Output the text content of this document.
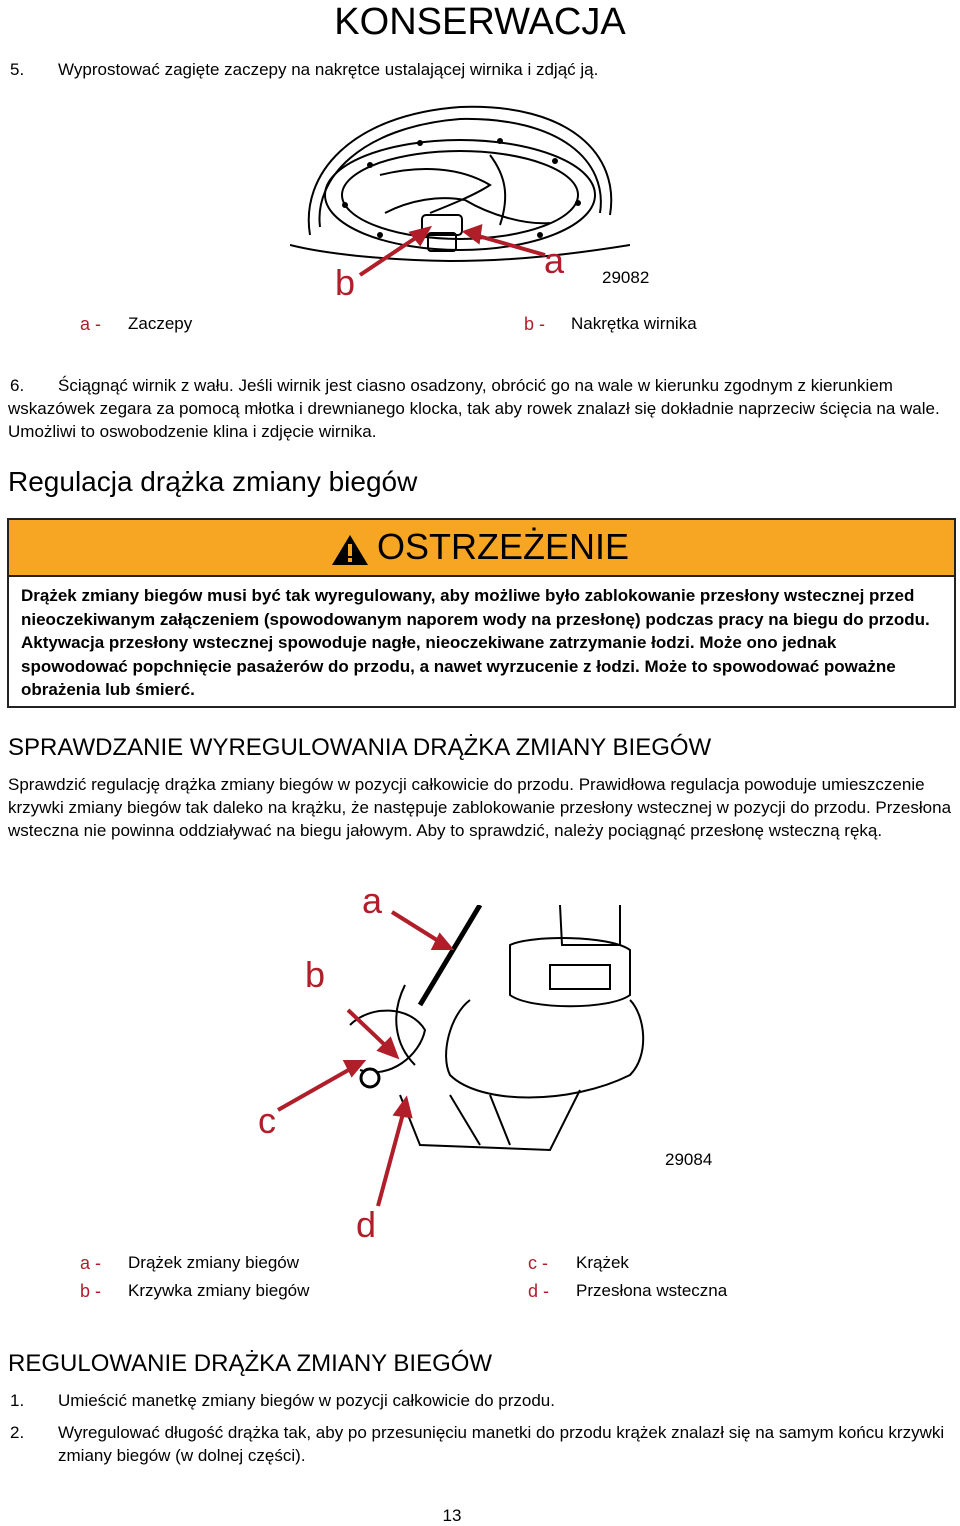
KONSERWACJA
5. Wyprostować zagięte zaczepy na nakrętce ustalającej wirnika i zdjąć ją.
b
a 29082
a - Zaczepy	b - Nakrętka wirnika
6.	Ściągnąć wirnik z wału. Jeśli wirnik jest ciasno osadzony, obrócić go na wale w kierunku zgodnym z kierunkiem wskazówek zegara za pomocą młotka i drewnianego klocka, tak aby rowek znalazł się dokładnie naprzeciw ścięcia na wale. Umożliwi to oswobodzenie klina i zdjęcie wirnika.
Regulacja drążka zmiany biegów
OSTRZEŻENIE
Drążek zmiany biegów musi być tak wyregulowany, aby możliwe było zablokowanie przesłony wstecznej przed nieoczekiwanym załączeniem (spowodowanym naporem wody na przesłonę) podczas pracy na biegu do przodu. Aktywacja przesłony wstecznej spowoduje nagłe, nieoczekiwane zatrzymanie łodzi. Może ono jednak spowodować popchnięcie pasażerów do przodu, a nawet wyrzucenie z łodzi. Może to spowodować poważne obrażenia lub śmierć.
SPRAWDZANIE WYREGULOWANIA DRĄŻKA ZMIANY BIEGÓW
Sprawdzić regulację drążka zmiany biegów w pozycji całkowicie do przodu. Prawidłowa regulacja powoduje umieszczenie krzywki zmiany biegów tak daleko na krążku, że następuje zablokowanie przesłony wstecznej w pozycji do przodu. Przesłona wsteczna nie powinna oddziaływać na biegu jałowym. Aby to sprawdzić, należy pociągnąć przesłonę wsteczną ręką.
a
b
c
d
29084
a - Drążek zmiany biegów
b - Krzywka zmiany biegów
c - Krążek
d - Przesłona wsteczna
REGULOWANIE DRĄŻKA ZMIANY BIEGÓW
1. Umieścić manetkę zmiany biegów w pozycji całkowicie do przodu.
2. Wyregulować długość drążka tak, aby po przesunięciu manetki do przodu krążek znalazł się na samym końcu krzywki zmiany biegów (w dolnej części).
13
